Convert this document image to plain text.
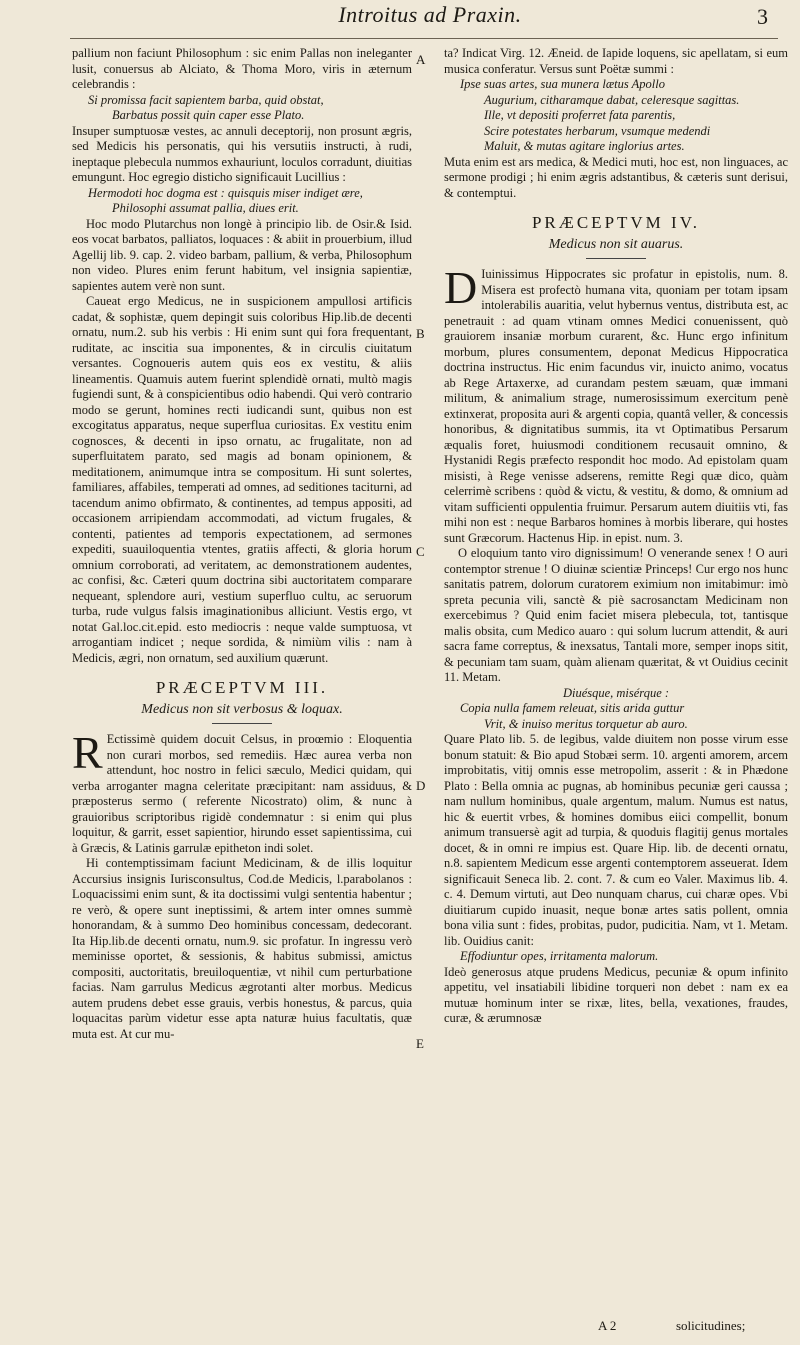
Introitus ad Praxin.	3
A
B
C
D
E

pallium non faciunt Philosophum : sic enim Pallas non ineleganter lusit, conuersus ab Alciato, & Thoma Moro, viris in æternum celebrandis :

Si promissa facit sapientem barba, quid obstat,

Barbatus possit quin caper esse Plato.

Insuper sumptuosæ vestes, ac annuli deceptorij, non prosunt ægris, sed Medicis his personatis, qui his versutiis instructi, à rudi, ineptaque plebecula nummos exhauriunt, loculos corradunt, diuitias emungunt. Hoc egregio disticho significauit Lucillius :

Hermodoti hoc dogma est : quisquis miser indiget ære,

Philosophi assumat pallia, diues erit.

Hoc modo Plutarchus non longè à principio lib. de Osir.& Isid. eos vocat barbatos, palliatos, loquaces : & abiit in prouerbium, illud Agellij lib. 9. cap. 2. video barbam, pallium, & verba, Philosophum non video. Plures enim ferunt habitum, vel insignia sapientiæ, sapientes autem verè non sunt.

Caueat ergo Medicus, ne in suspicionem ampullosi artificis cadat, & sophistæ, quem depingit suis coloribus Hip.lib.de decenti ornatu, num.2. sub his verbis : Hi enim sunt qui fora frequentant, ruditate, ac inscitia sua imponentes, & in circulis ciuitatum versantes. Cognoueris autem quis eos ex vestitu, & aliis lineamentis. Quamuis autem fuerint splendidè ornati, multò magis fugiendi sunt, & à conspicientibus odio habendi. Qui verò contrario modo se gerunt, homines recti iudicandi sunt, quibus non est excogitatus apparatus, neque superflua curiositas. Ex vestitu enim cognosces, & decenti in ipso ornatu, ac frugalitate, non ad superfluitatem parato, sed magis ad bonam opinionem, & meditationem, animumque intra se compositum. Hi sunt solertes, familiares, affabiles, temperati ad omnes, ad seditiones taciturni, ad tacendum animo obfirmato, & continentes, ad tempus appositi, ad occasionem arripiendam accommodati, ad victum frugales, & contenti, patientes ad temporis expectationem, ad sermones expediti, suauiloquentia vtentes, gratiis affecti, & gloria horum omnium corroborati, ad veritatem, ac demonstrationem audentes, ac confisi, &c. Cæteri quum doctrina sibi auctoritatem comparare nequeant, splendore auri, vestium superfluo cultu, ac seruorum turba, rude vulgus falsis imaginationibus alliciunt. Vestis ergo, vt notat Gal.loc.cit.epid. esto mediocris : neque valde sumptuosa, vt arrogantiam indicet ; neque sordida, & nimiùm vilis : nam à Medicis, ægri, non ornatum, sed auxilium quærunt.

PRÆCEPTVM III.
Medicus non sit verbosus & loquax.

R Ectissimè quidem docuit Celsus, in proœmio : Eloquentia non curari morbos, sed remediis. Hæc aurea verba non attendunt, hoc nostro in felici sæculo, Medici quidam, qui verba arroganter magna celeritate præcipitant: nam assiduus, & præposterus sermo ( referente Nicostrato) olim, & nunc à grauioribus scriptoribus rigidè condemnatur : si enim qui plus loquitur, & garrit, esset sapientior, hirundo esset sapientissima, cui à Græcis, & Latinis garrulæ epitheton indi solet.

Hi contemptissimam faciunt Medicinam, & de illis loquitur Accursius insignis Iurisconsultus, Cod.de Medicis, l.parabolanos : Loquacissimi enim sunt, & ita doctissimi vulgi sententia habentur ; re verò, & opere sunt ineptissimi, & artem inter omnes summè honorandam, & à summo Deo hominibus concessam, dedecorant. Ita Hip.lib.de decenti ornatu, num.9. sic profatur. In ingressu verò meminisse oportet, & sessionis, & habitus submissi, amictus compositi, auctoritatis, breuiloquentiæ, vt nihil cum perturbatione facias. Nam garrulus Medicus ægrotanti alter morbus. Medicus autem prudens debet esse grauis, verbis honestus, & parcus, quia loquacitas parùm videtur esse apta naturæ huius facultatis, quæ muta est. At cur mu-

ta? Indicat Virg. 12. Æneid. de Iapide loquens, sic apellatam, si eum musica conferatur. Versus sunt Poëtæ summi :

Ipse suas artes, sua munera lætus Apollo

Augurium, citharamque dabat, celeresque sagittas.

Ille, vt depositi proferret fata parentis,

Scire potestates herbarum, vsumque medendi

Maluit, & mutas agitare inglorius artes.

Muta enim est ars medica, & Medici muti, hoc est, non linguaces, ac sermone prodigi ; hi enim ægris adstantibus, & cæteris sunt derisui, & contemptui.

PRÆCEPTVM IV.
Medicus non sit auarus.

D Iuinissimus Hippocrates sic profatur in epistolis, num. 8. Misera est profectò humana vita, quoniam per totam ipsam intolerabilis auaritia, velut hybernus ventus, distributa est, ac penetrauit : ad quam vtinam omnes Medici conuenissent, quò grauiorem insaniæ morbum curarent, &c. Hunc ergo infinitum morbum, plures consumentem, deponat Medicus Hippocratica doctrina instructus. Hic enim facundus vir, inuicto animo, vocatus ab Rege Artaxerxe, ad curandam pestem sæuam, quæ immani militum, & animalium strage, numerosissimum exercitum penè extinxerat, proposita auri & argenti copia, quantâ veller, & concessis honoribus, & dignitatibus summis, ita vt Optimatibus Persarum æqualis foret, huiusmodi conditionem recusauit omnino, & Hystanidi Regis præfecto respondit hoc modo. Ad epistolam quam misisti, à Rege venisse adserens, remitte Regi quæ dico, quàm celerrimè scribens : quòd & victu, & vestitu, & domo, & omnium ad vitam sufficienti oppulentia fruimur. Persarum autem diuitiis vti, fas mihi non est : neque Barbaros homines à morbis liberare, qui hostes sunt Græcorum. Hactenus Hip. in epist. num. 3.

O eloquium tanto viro dignissimum! O venerande senex ! O auri contemptor strenue ! O diuinæ scientiæ Princeps! Cur ergo nos hunc sanitatis patrem, dolorum curatorem eximium non imitabimur: imò spreta pecunia vili, sanctè & piè sacrosanctam Medicinam non exercebimus ? Quid enim faciet misera plebecula, tot, tantisque malis obsita, cum Medico auaro : qui solum lucrum attendit, & auri sacra fame correptus, & inexsatus, Tantali more, semper inops sitit, & pecuniam tam suam, quàm alienam quæritat, & vt Ouidius cecinit 11. Metam.

Diuésque, misérque :

Copia nulla famem releuat, sitis arida guttur

Vrit, & inuiso meritus torquetur ab auro.

Quare Plato lib. 5. de legibus, valde diuitem non posse virum esse bonum statuit: & Bio apud Stobæi serm. 10. argenti amorem, arcem improbitatis, vitij omnis esse metropolim, asserit : & in Phædone Plato : Bella omnia ac pugnas, ab hominibus pecuniæ geri caussa ; nam nullum hominibus, quale argentum, malum. Numus est natus, hic & euertit vrbes, & homines domibus eiici compellit, bonum animum transuersè agit ad turpia, & quoduis flagitij genus mortales docet, & in omni re impius est. Quare Hip. lib. de decenti ornatu, n.8. sapientem Medicum esse argenti contemptorem asseuerat. Idem significauit Seneca lib. 2. cont. 7. & cum eo Valer. Maximus lib. 4. c. 4. Demum virtuti, aut Deo nunquam charus, cui charæ opes. Vbi diuitiarum cupido inuasit, neque bonæ artes satis pollent, omnia bona vilia sunt : fides, probitas, pudor, pudicitia. Nam, vt 1. Metam. lib. Ouidius canit:

Effodiuntur opes, irritamenta malorum.

Ideò generosus atque prudens Medicus, pecuniæ & opum infinito appetitu, vel insatiabili libidine torqueri non debet : nam ex ea mutuæ hominum inter se rixæ, lites, bella, vexationes, fraudes, curæ, & ærumnosæ

A 2	solicitudines;
